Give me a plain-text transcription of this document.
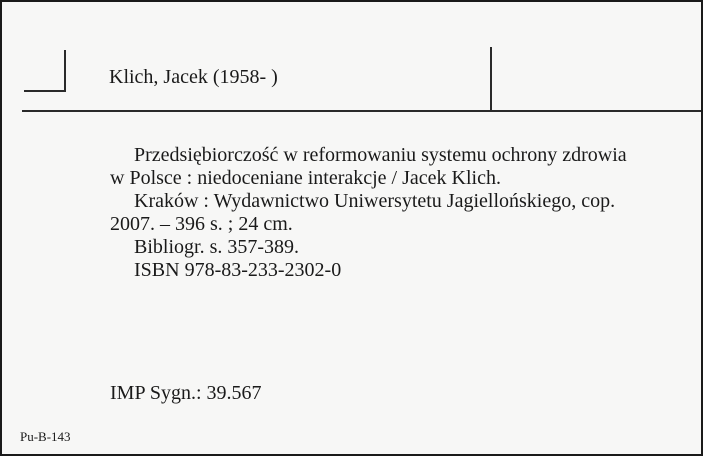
Klich, Jacek (1958- )

Przedsiębiorczość w reformowaniu systemu ochrony zdrowia w Polsce : niedoceniane interakcje / Jacek Klich.

Kraków : Wydawnictwo Uniwersytetu Jagiellońskiego, cop. 2007. – 396 s. ; 24 cm.

Bibliogr. s. 357-389.

ISBN 978-83-233-2302-0

IMP Sygn.: 39.567
Pu-B-143
